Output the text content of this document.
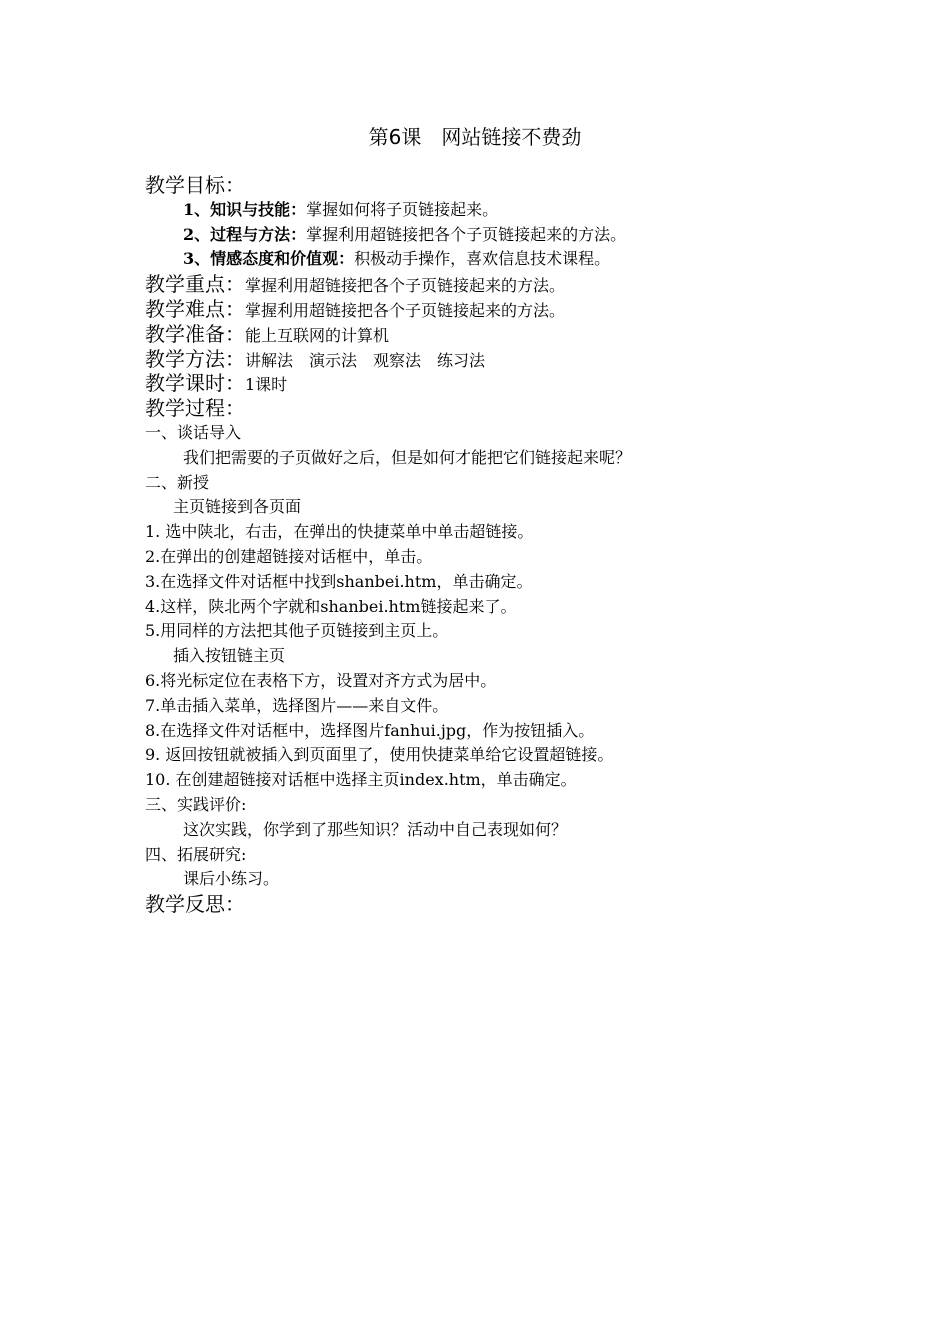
第6课　网站链接不费劲
教学目标：
1、知识与技能：掌握如何将子页链接起来。
2、过程与方法：掌握利用超链接把各个子页链接起来的方法。
3、情感态度和价值观：积极动手操作，喜欢信息技术课程。
教学重点：掌握利用超链接把各个子页链接起来的方法。
教学难点：掌握利用超链接把各个子页链接起来的方法。
教学准备：能上互联网的计算机
教学方法：讲解法　演示法　观察法　练习法
教学课时：1课时
教学过程：
一、谈话导入
我们把需要的子页做好之后，但是如何才能把它们链接起来呢？
二、新授
主页链接到各页面
1. 选中陕北，右击，在弹出的快捷菜单中单击超链接。
2.在弹出的创建超链接对话框中，单击。
3.在选择文件对话框中找到shanbei.htm，单击确定。
4.这样，陕北两个字就和shanbei.htm链接起来了。
5.用同样的方法把其他子页链接到主页上。
插入按钮链主页
6.将光标定位在表格下方，设置对齐方式为居中。
7.单击插入菜单，选择图片——来自文件。
8.在选择文件对话框中，选择图片fanhui.jpg，作为按钮插入。
9. 返回按钮就被插入到页面里了，使用快捷菜单给它设置超链接。
10. 在创建超链接对话框中选择主页index.htm，单击确定。
三、实践评价:
这次实践，你学到了那些知识？活动中自己表现如何？
四、拓展研究:
课后小练习。
教学反思：
